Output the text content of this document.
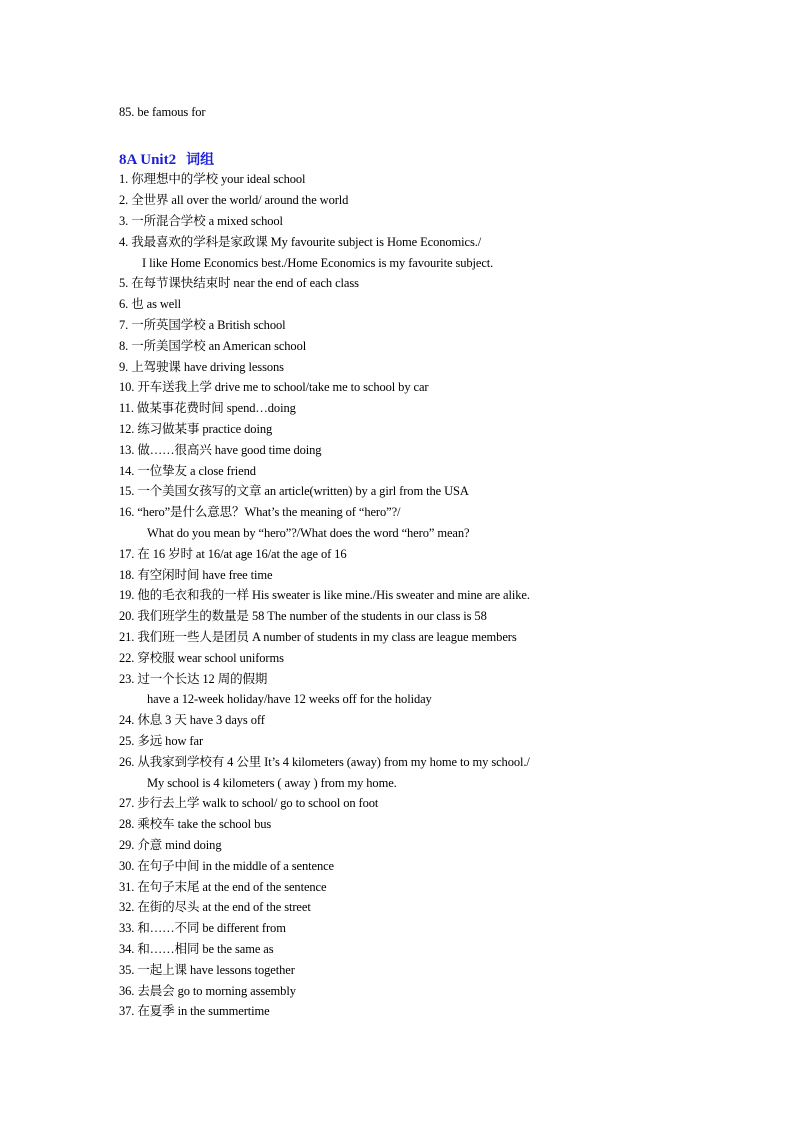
85. be famous for
8A Unit2 词组
1. 你理想中的学校 your ideal school
2. 全世界 all over the world/ around the world
3. 一所混合学校 a mixed school
4. 我最喜欢的学科是家政课 My favourite subject is Home Economics./
I like Home Economics best./Home Economics is my favourite subject.
5. 在每节课快结束时 near the end of each class
6. 也 as well
7. 一所英国学校 a British school
8. 一所美国学校 an American school
9. 上驾驶课 have driving lessons
10. 开车送我上学 drive me to school/take me to school by car
11. 做某事花费时间 spend…doing
12. 练习做某事 practice doing
13. 做……很高兴 have good time doing
14. 一位挚友 a close friend
15. 一个美国女孩写的文章 an article(written) by a girl from the USA
16. “hero”是什么意思？What’s the meaning of “hero”?/
What do you mean by “hero”?/What does the word “hero” mean?
17. 在 16 岁时 at 16/at age 16/at the age of 16
18. 有空闲时间 have free time
19. 他的毛衣和我的一样 His sweater is like mine./His sweater and mine are alike.
20. 我们班学生的数量是 58 The number of the students in our class is 58
21. 我们班一些人是团员 A number of students in my class are league members
22. 穿校服 wear school uniforms
23. 过一个长达 12 周的假期
have a 12-week holiday/have 12 weeks off for the holiday
24. 休息 3 天 have 3 days off
25. 多远 how far
26. 从我家到学校有 4 公里 It’s 4 kilometers (away) from my home to my school./
My school is 4 kilometers ( away ) from my home.
27. 步行去上学 walk to school/ go to school on foot
28. 乘校车 take the school bus
29. 介意 mind doing
30. 在句子中间 in the middle of a sentence
31. 在句子末尾 at the end of the sentence
32. 在街的尽头 at the end of the street
33. 和……不同 be different from
34. 和……相同 be the same as
35. 一起上课 have lessons together
36. 去晨会 go to morning assembly
37. 在夏季 in the summertime
